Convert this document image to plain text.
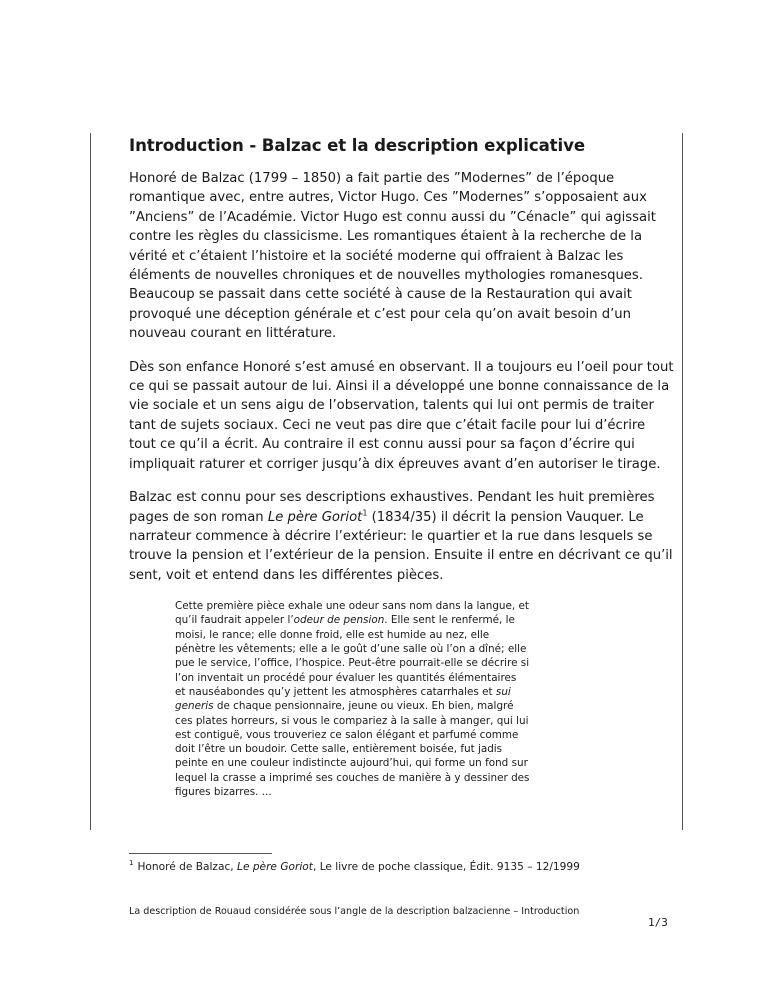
Introduction - Balzac et la description explicative

Honoré de Balzac (1799 – 1850) a fait partie des ”Modernes” de l’époque romantique avec, entre autres, Victor Hugo. Ces ”Modernes” s’opposaient aux ”Anciens” de l’Académie. Victor Hugo est connu aussi du ”Cénacle” qui agissait contre les règles du classicisme. Les romantiques étaient à la recherche de la vérité et c’étaient l’histoire et la société moderne qui offraient à Balzac les éléments de nouvelles chroniques et de nouvelles mythologies romanesques. Beaucoup se passait dans cette société à cause de la Restauration qui avait provoqué une déception générale et c’est pour cela qu’on avait besoin d’un nouveau courant en littérature.

Dès son enfance Honoré s’est amusé en observant. Il a toujours eu l’oeil pour tout ce qui se passait autour de lui. Ainsi il a développé une bonne connaissance de la vie sociale et un sens aigu de l’observation, talents qui lui ont permis de traiter tant de sujets sociaux. Ceci ne veut pas dire que c’était facile pour lui d’écrire tout ce qu’il a écrit. Au contraire il est connu aussi pour sa façon d’écrire qui impliquait raturer et corriger jusqu’à dix épreuves avant d’en autoriser le tirage.

Balzac est connu pour ses descriptions exhaustives. Pendant les huit premières pages de son roman Le père Goriot$^1$ (1834/35) il décrit la pension Vauquer. Le narrateur commence à décrire l’extérieur: le quartier et la rue dans lesquels se trouve la pension et l’extérieur de la pension. Ensuite il entre en décrivant ce qu’il sent, voit et entend dans les différentes pièces.

Cette première pièce exhale une odeur sans nom dans la langue, et qu’il faudrait appeler l’odeur de pension. Elle sent le renfermé, le moisi, le rance; elle donne froid, elle est humide au nez, elle pénètre les vêtements; elle a le goût d’une salle où l’on a dîné; elle pue le service, l’office, l’hospice. Peut-être pourrait-elle se décrire si l’on inventait un procédé pour évaluer les quantités élémentaires et nauséabondes qu’y jettent les atmosphères catarrhales et sui generis de chaque pensionnaire, jeune ou vieux. Eh bien, malgré ces plates horreurs, si vous le compariez à la salle à manger, qui lui est contiguë, vous trouveriez ce salon élégant et parfumé comme doit l’être un boudoir. Cette salle, entièrement boisée, fut jadis peinte en une couleur indistincte aujourd’hui, qui forme un fond sur lequel la crasse a imprimé ses couches de manière à y dessiner des figures bizarres. ...
$^1$ Honoré de Balzac, Le père Goriot, Le livre de poche classique, Édit. 9135 – 12/1999
La description de Rouaud considérée sous l’angle de la description balzacienne – Introduction
1/3
